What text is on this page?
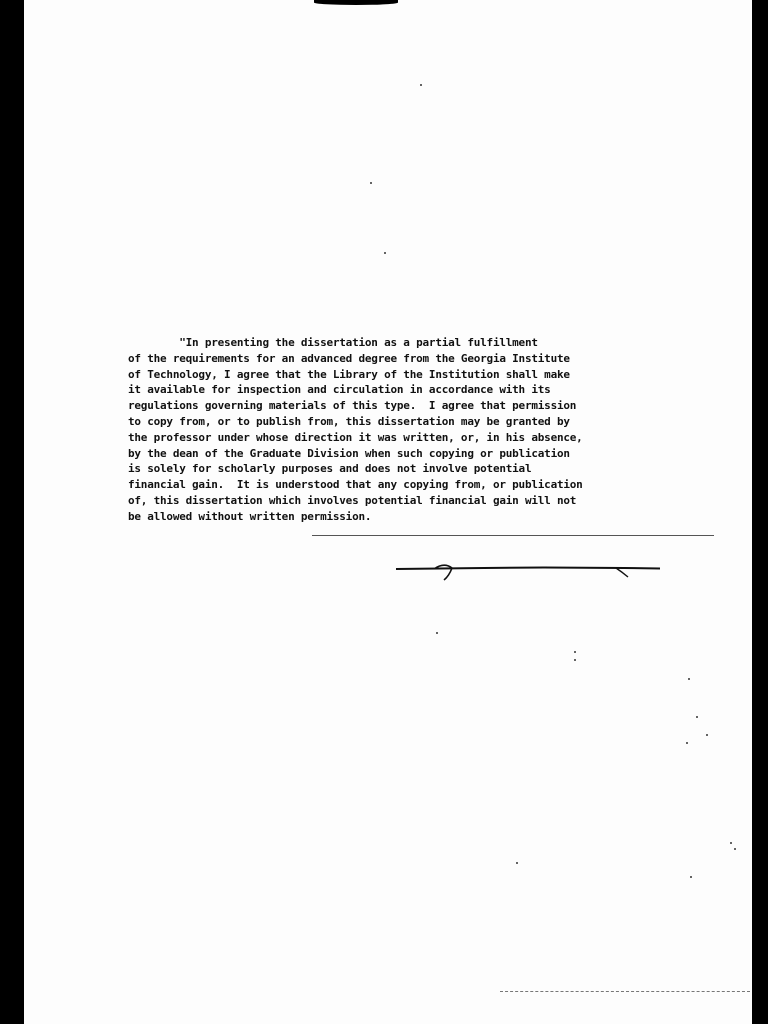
"In presenting the dissertation as a partial fulfillment
of the requirements for an advanced degree from the Georgia Institute
of Technology, I agree that the Library of the Institution shall make
it available for inspection and circulation in accordance with its
regulations governing materials of this type.  I agree that permission
to copy from, or to publish from, this dissertation may be granted by
the professor under whose direction it was written, or, in his absence,
by the dean of the Graduate Division when such copying or publication
is solely for scholarly purposes and does not involve potential
financial gain.  It is understood that any copying from, or publication
of, this dissertation which involves potential financial gain will not
be allowed without written permission.
